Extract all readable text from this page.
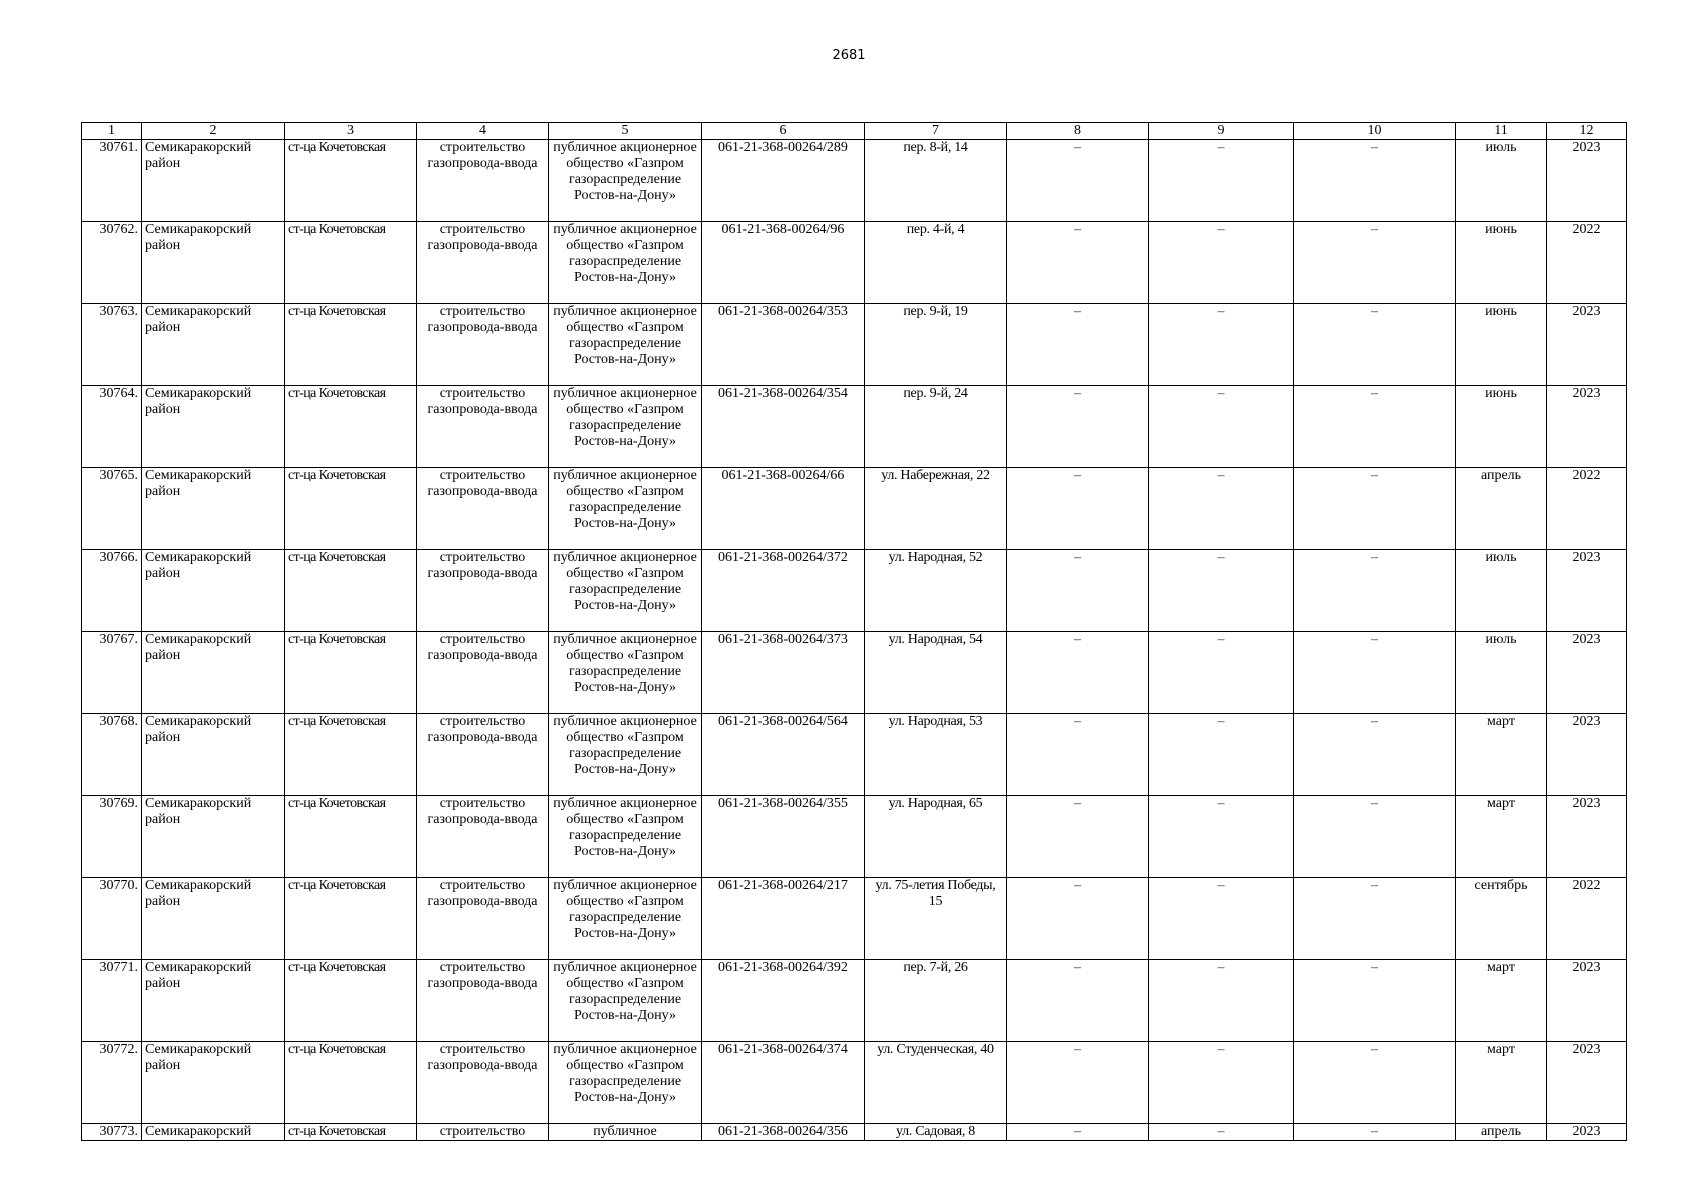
2681
1	2	3	4	5	6	7	8	9	10	11	12
30761.	Семикаракорский район	ст-ца Кочетовская	строительство газопровода-ввода	публичное акционерное общество «Газпром газораспределение Ростов-на-Дону»	061-21-368-00264/289	пер. 8-й, 14	–	–	–	июль	2023
30762.	Семикаракорский район	ст-ца Кочетовская	строительство газопровода-ввода	публичное акционерное общество «Газпром газораспределение Ростов-на-Дону»	061-21-368-00264/96	пер. 4-й, 4	–	–	–	июнь	2022
30763.	Семикаракорский район	ст-ца Кочетовская	строительство газопровода-ввода	публичное акционерное общество «Газпром газораспределение Ростов-на-Дону»	061-21-368-00264/353	пер. 9-й, 19	–	–	–	июнь	2023
30764.	Семикаракорский район	ст-ца Кочетовская	строительство газопровода-ввода	публичное акционерное общество «Газпром газораспределение Ростов-на-Дону»	061-21-368-00264/354	пер. 9-й, 24	–	–	–	июнь	2023
30765.	Семикаракорский район	ст-ца Кочетовская	строительство газопровода-ввода	публичное акционерное общество «Газпром газораспределение Ростов-на-Дону»	061-21-368-00264/66	ул. Набережная, 22	–	–	–	апрель	2022
30766.	Семикаракорский район	ст-ца Кочетовская	строительство газопровода-ввода	публичное акционерное общество «Газпром газораспределение Ростов-на-Дону»	061-21-368-00264/372	ул. Народная, 52	–	–	–	июль	2023
30767.	Семикаракорский район	ст-ца Кочетовская	строительство газопровода-ввода	публичное акционерное общество «Газпром газораспределение Ростов-на-Дону»	061-21-368-00264/373	ул. Народная, 54	–	–	–	июль	2023
30768.	Семикаракорский район	ст-ца Кочетовская	строительство газопровода-ввода	публичное акционерное общество «Газпром газораспределение Ростов-на-Дону»	061-21-368-00264/564	ул. Народная, 53	–	–	–	март	2023
30769.	Семикаракорский район	ст-ца Кочетовская	строительство газопровода-ввода	публичное акционерное общество «Газпром газораспределение Ростов-на-Дону»	061-21-368-00264/355	ул. Народная, 65	–	–	–	март	2023
30770.	Семикаракорский район	ст-ца Кочетовская	строительство газопровода-ввода	публичное акционерное общество «Газпром газораспределение Ростов-на-Дону»	061-21-368-00264/217	ул. 75-летия Победы, 15	–	–	–	сентябрь	2022
30771.	Семикаракорский район	ст-ца Кочетовская	строительство газопровода-ввода	публичное акционерное общество «Газпром газораспределение Ростов-на-Дону»	061-21-368-00264/392	пер. 7-й, 26	–	–	–	март	2023
30772.	Семикаракорский район	ст-ца Кочетовская	строительство газопровода-ввода	публичное акционерное общество «Газпром газораспределение Ростов-на-Дону»	061-21-368-00264/374	ул. Студенческая, 40	–	–	–	март	2023
30773.	Семикаракорский	ст-ца Кочетовская	строительство	публичное	061-21-368-00264/356	ул. Садовая, 8	–	–	–	апрель	2023
